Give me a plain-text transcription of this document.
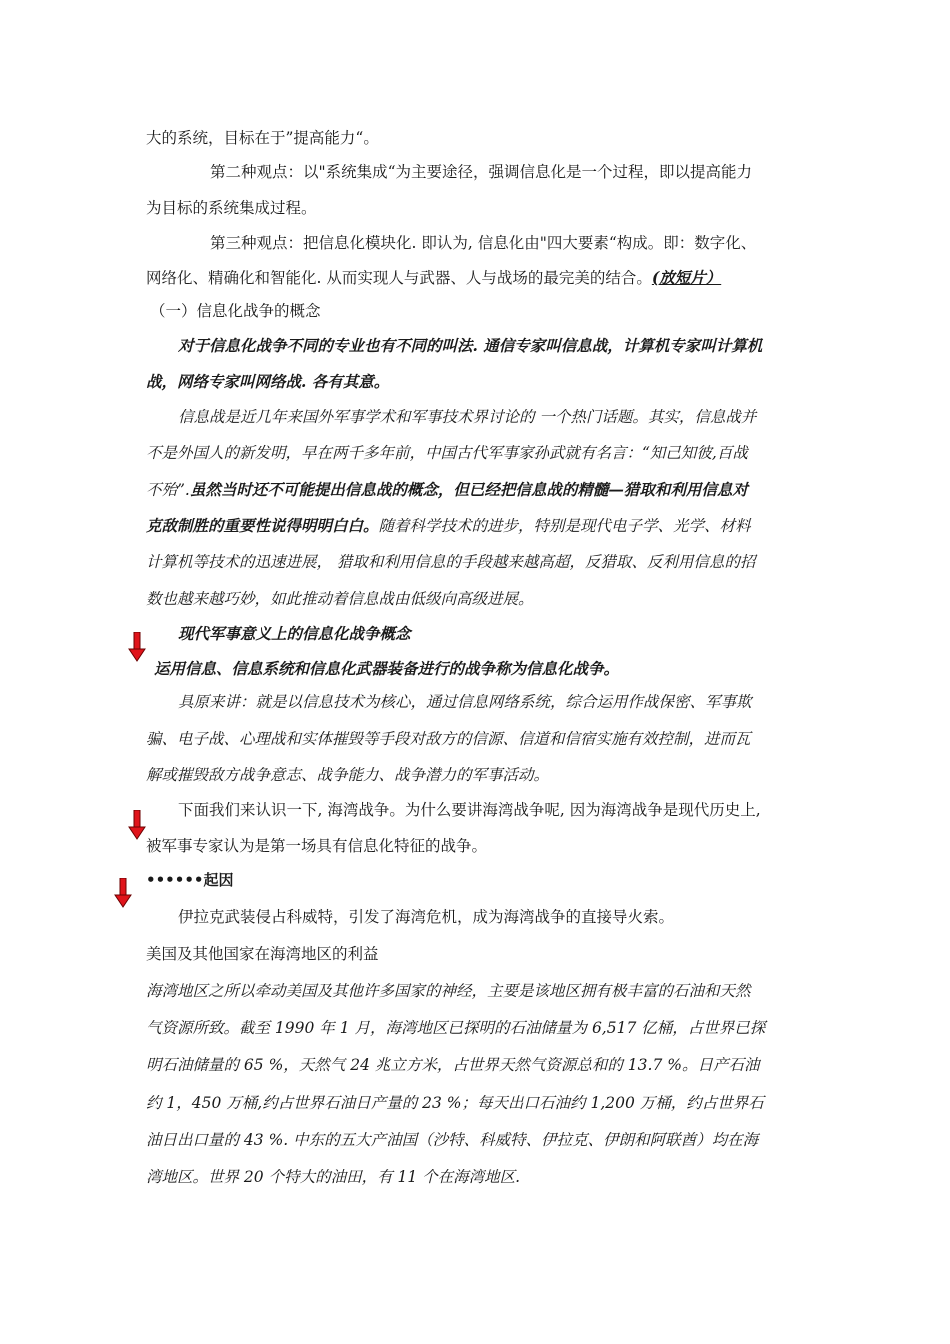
大的系统，目标在于”提高能力“。
第二种观点：以"系统集成“为主要途径，强调信息化是一个过程，即以提高能力
为目标的系统集成过程。
第三种观点：把信息化模块化. 即认为, 信息化由"四大要素“构成。即：数字化、
网络化、精确化和智能化. 从而实现人与武器、人与战场的最完美的结合。(放短片）
（一）信息化战争的概念
对于信息化战争不同的专业也有不同的叫法. 通信专家叫信息战，计算机专家叫计算机
战，网络专家叫网络战. 各有其意。
信息战是近几年来国外军事学术和军事技术界讨论的 一个热门话题。其实，信息战并
不是外国人的新发明，早在两千多年前，中国古代军事家孙武就有名言：“知己知彼,百战
不殆”.虽然当时还不可能提出信息战的概念，但已经把信息战的精髓—猎取和利用信息对
克敌制胜的重要性说得明明白白。随着科学技术的进步，特别是现代电子学、光学、材料
计算机等技术的迅速进展， 猎取和利用信息的手段越来越高超，反猎取、反利用信息的招
数也越来越巧妙，如此推动着信息战由低级向高级进展。
现代军事意义上的信息化战争概念
运用信息、信息系统和信息化武器装备进行的战争称为信息化战争。
具原来讲：就是以信息技术为核心，通过信息网络系统，综合运用作战保密、军事欺
骗、电子战、心理战和实体摧毁等手段对敌方的信源、信道和信宿实施有效控制，进而瓦
解或摧毁敌方战争意志、战争能力、战争潜力的军事活动。
下面我们来认识一下, 海湾战争。为什么要讲海湾战争呢, 因为海湾战争是现代历史上,
被军事专家认为是第一场具有信息化特征的战争。
••••••起因
伊拉克武装侵占科威特，引发了海湾危机，成为海湾战争的直接导火索。
美国及其他国家在海湾地区的利益
海湾地区之所以牵动美国及其他许多国家的神经，主要是该地区拥有极丰富的石油和天然
气资源所致。截至 1990 年 1 月，海湾地区已探明的石油储量为 6,517 亿桶，占世界已探
明石油储量的 65 %，天然气 24 兆立方米，占世界天然气资源总和的 13.7 %。日产石油
约 1，450 万桶,约占世界石油日产量的 23 %；每天出口石油约 1,200 万桶，约占世界石
油日出口量的 43 %. 中东的五大产油国（沙特、科威特、伊拉克、伊朗和阿联酋）均在海
湾地区。世界 20 个特大的油田，有 11 个在海湾地区.
